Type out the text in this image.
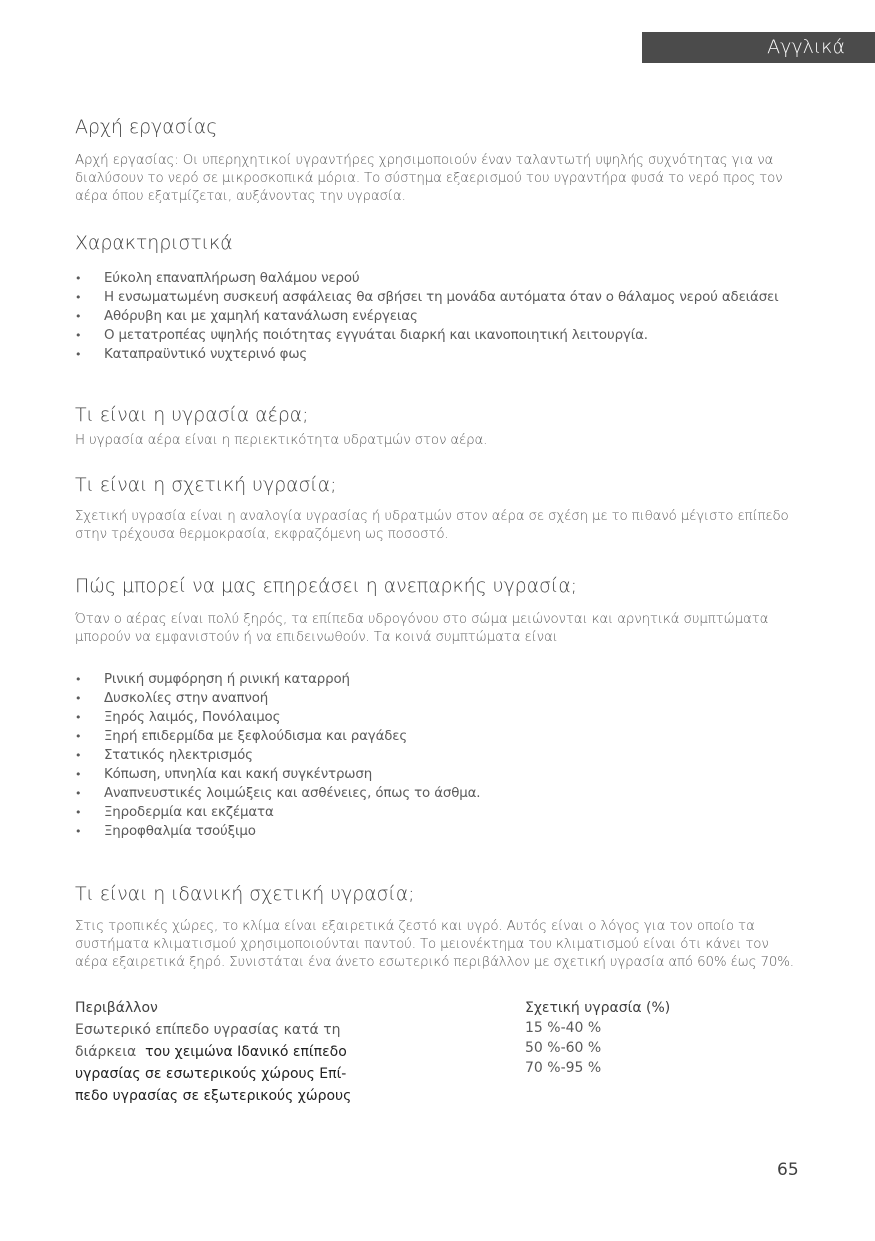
Αγγλικά
Αρχή εργασίας

Αρχή εργασίας: Οι υπερηχητικοί υγραντήρες χρησιμοποιούν έναν ταλαντωτή υψηλής συχνότητας για να διαλύσουν το νερό σε μικροσκοπικά μόρια. Το σύστημα εξαερισμού του υγραντήρα φυσά το νερό προς τον αέρα όπου εξατμίζεται, αυξάνοντας την υγρασία.

Χαρακτηριστικά
• Εύκολη επαναπλήρωση θαλάμου νερού
• Η ενσωματωμένη συσκευή ασφάλειας θα σβήσει τη μονάδα αυτόματα όταν ο θάλαμος νερού αδειάσει
• Αθόρυβη και με χαμηλή κατανάλωση ενέργειας
• Ο μετατροπέας υψηλής ποιότητας εγγυάται διαρκή και ικανοποιητική λειτουργία.
• Καταπραϋντικό νυχτερινό φως
Τι είναι η υγρασία αέρα;

Η υγρασία αέρα είναι η περιεκτικότητα υδρατμών στον αέρα.

Τι είναι η σχετική υγρασία;

Σχετική υγρασία είναι η αναλογία υγρασίας ή υδρατμών στον αέρα σε σχέση με το πιθανό μέγιστο επίπεδο στην τρέχουσα θερμοκρασία, εκφραζόμενη ως ποσοστό.

Πώς μπορεί να μας επηρεάσει η ανεπαρκής υγρασία;

Όταν ο αέρας είναι πολύ ξηρός, τα επίπεδα υδρογόνου στο σώμα μειώνονται και αρνητικά συμπτώματα μπορούν να εμφανιστούν ή να επιδεινωθούν. Τα κοινά συμπτώματα είναι

• Ρινική συμφόρηση ή ρινική καταρροή
• Δυσκολίες στην αναπνοή
• Ξηρός λαιμός, Πονόλαιμος
• Ξηρή επιδερμίδα με ξεφλούδισμα και ραγάδες
• Στατικός ηλεκτρισμός
• Κόπωση, υπνηλία και κακή συγκέντρωση
• Αναπνευστικές λοιμώξεις και ασθένειες, όπως το άσθμα.
• Ξηροδερμία και εκζέματα
• Ξηροφθαλμία τσούξιμο
Τι είναι η ιδανική σχετική υγρασία;

Στις τροπικές χώρες, το κλίμα είναι εξαιρετικά ζεστό και υγρό. Αυτός είναι ο λόγος για τον οποίο τα συστήματα κλιματισμού χρησιμοποιούνται παντού. Το μειονέκτημα του κλιματισμού είναι ότι κάνει τον αέρα εξαιρετικά ξηρό. Συνιστάται ένα άνετο εσωτερικό περιβάλλον με σχετική υγρασία από 60% έως 70%.

Περιβάλλον
Εσωτερικό επίπεδο υγρασίας κατά τη
διάρκεια του χειμώνα Ιδανικό επίπεδο
υγρασίας σε εσωτερικούς χώρους Επί-
πεδο υγρασίας σε εξωτερικούς χώρους
Σχετική υγρασία (%)
15 %-40 %
50 %-60 %
70 %-95 %
65
